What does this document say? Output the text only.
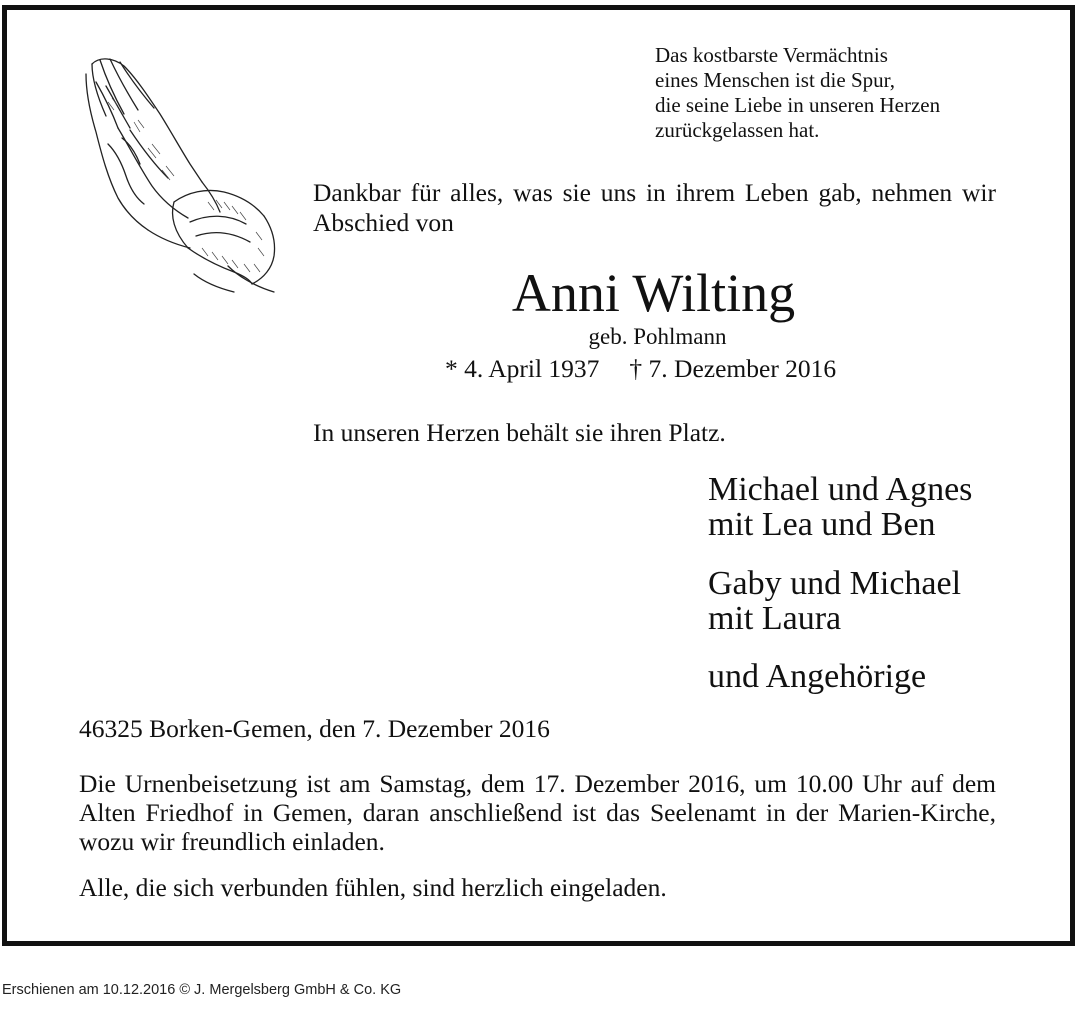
Das kostbarste Vermächtnis
eines Menschen ist die Spur,
die seine Liebe in unseren Herzen
zurückgelassen hat.

Dankbar für alles, was sie uns in ihrem Leben gab, nehmen wir Abschied von

Anni Wilting
geb. Pohlmann
* 4. April 1937 † 7. Dezember 2016

In unseren Herzen behält sie ihren Platz.

Michael und Agnes
mit Lea und Ben
Gaby und Michael
mit Laura
und Angehörige

46325 Borken-Gemen, den 7. Dezember 2016

Die Urnenbeisetzung ist am Samstag, dem 17. Dezember 2016, um 10.00 Uhr auf dem Alten Friedhof in Gemen, daran anschließend ist das Seelenamt in der Marien-Kirche, wozu wir freundlich einladen.

Alle, die sich verbunden fühlen, sind herzlich eingeladen.

Erschienen am 10.12.2016 © J. Mergelsberg GmbH & Co. KG
